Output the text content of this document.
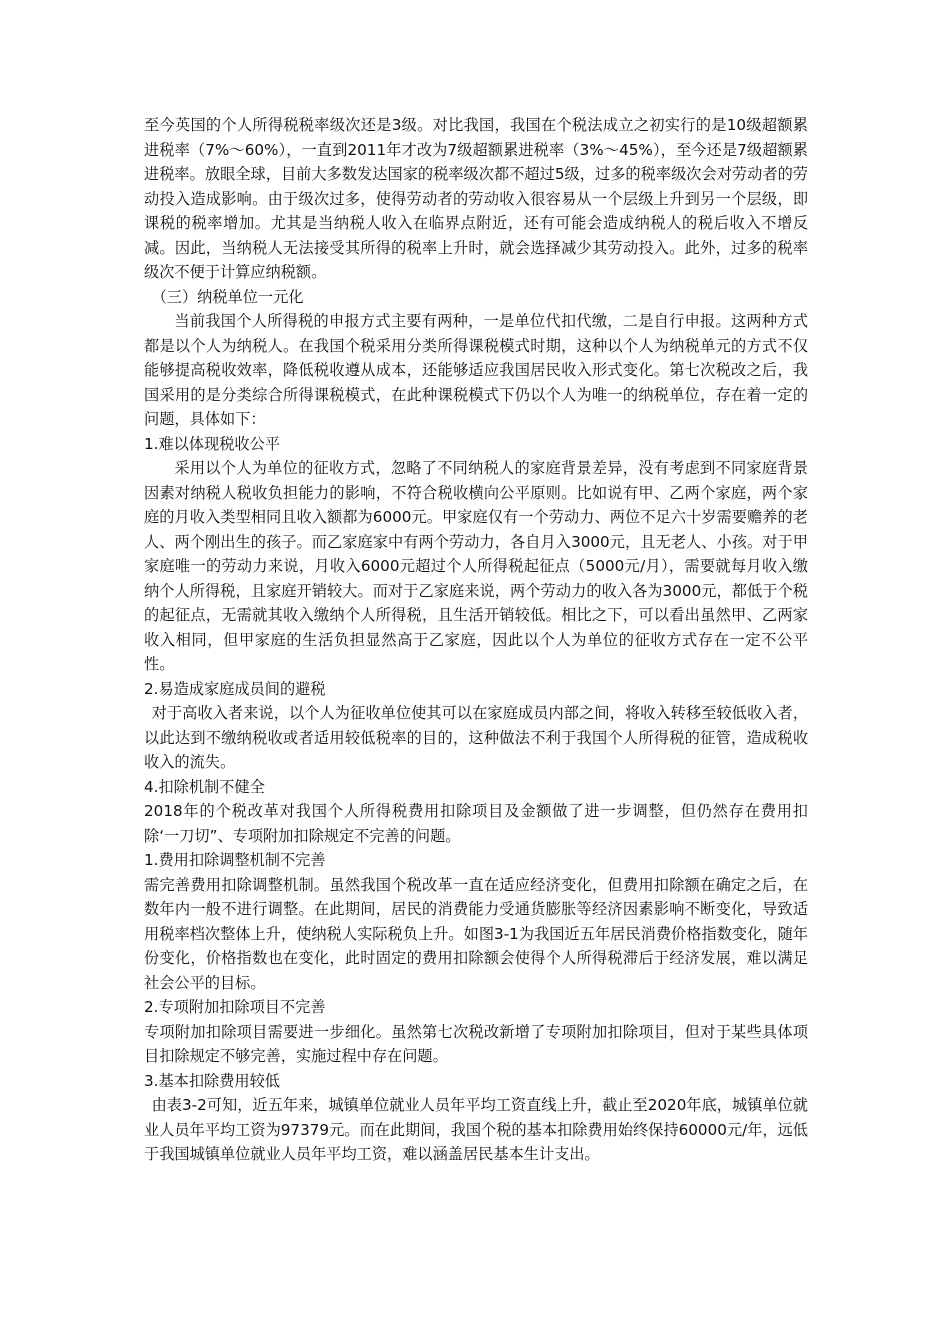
至今英国的个人所得税税率级次还是3级。对比我国，我国在个税法成立之初实行的是10级超额累进税率（7%～60%），一直到2011年才改为7级超额累进税率（3%～45%），至今还是7级超额累进税率。放眼全球，目前大多数发达国家的税率级次都不超过5级，过多的税率级次会对劳动者的劳动投入造成影响。由于级次过多，使得劳动者的劳动收入很容易从一个层级上升到另一个层级，即课税的税率增加。尤其是当纳税人收入在临界点附近，还有可能会造成纳税人的税后收入不增反减。因此，当纳税人无法接受其所得的税率上升时，就会选择减少其劳动投入。此外，过多的税率级次不便于计算应纳税额。

（三）纳税单位一元化

当前我国个人所得税的申报方式主要有两种，一是单位代扣代缴，二是自行申报。这两种方式都是以个人为纳税人。在我国个税采用分类所得课税模式时期，这种以个人为纳税单元的方式不仅能够提高税收效率，降低税收遵从成本，还能够适应我国居民收入形式变化。第七次税改之后，我国采用的是分类综合所得课税模式，在此种课税模式下仍以个人为唯一的纳税单位，存在着一定的问题，具体如下：

1.难以体现税收公平

采用以个人为单位的征收方式，忽略了不同纳税人的家庭背景差异，没有考虑到不同家庭背景因素对纳税人税收负担能力的影响，不符合税收横向公平原则。比如说有甲、乙两个家庭，两个家庭的月收入类型相同且收入额都为6000元。甲家庭仅有一个劳动力、两位不足六十岁需要赡养的老人、两个刚出生的孩子。而乙家庭家中有两个劳动力，各自月入3000元，且无老人、小孩。对于甲家庭唯一的劳动力来说，月收入6000元超过个人所得税起征点（5000元/月），需要就每月收入缴纳个人所得税，且家庭开销较大。而对于乙家庭来说，两个劳动力的收入各为3000元，都低于个税的起征点，无需就其收入缴纳个人所得税，且生活开销较低。相比之下，可以看出虽然甲、乙两家收入相同，但甲家庭的生活负担显然高于乙家庭，因此以个人为单位的征收方式存在一定不公平性。

2.易造成家庭成员间的避税

对于高收入者来说，以个人为征收单位使其可以在家庭成员内部之间，将收入转移至较低收入者，以此达到不缴纳税收或者适用较低税率的目的，这种做法不利于我国个人所得税的征管，造成税收收入的流失。

4.扣除机制不健全

2018年的个税改革对我国个人所得税费用扣除项目及金额做了进一步调整，但仍然存在费用扣除‘一刀切”、专项附加扣除规定不完善的问题。

1.费用扣除调整机制不完善

需完善费用扣除调整机制。虽然我国个税改革一直在适应经济变化，但费用扣除额在确定之后，在数年内一般不进行调整。在此期间，居民的消费能力受通货膨胀等经济因素影响不断变化，导致适用税率档次整体上升，使纳税人实际税负上升。如图3-1为我国近五年居民消费价格指数变化，随年份变化，价格指数也在变化，此时固定的费用扣除额会使得个人所得税滞后于经济发展，难以满足社会公平的目标。

2.专项附加扣除项目不完善

专项附加扣除项目需要进一步细化。虽然第七次税改新增了专项附加扣除项目，但对于某些具体项目扣除规定不够完善，实施过程中存在问题。

3.基本扣除费用较低

由表3-2可知，近五年来，城镇单位就业人员年平均工资直线上升，截止至2020年底，城镇单位就业人员年平均工资为97379元。而在此期间，我国个税的基本扣除费用始终保持60000元/年，远低于我国城镇单位就业人员年平均工资，难以涵盖居民基本生计支出。
